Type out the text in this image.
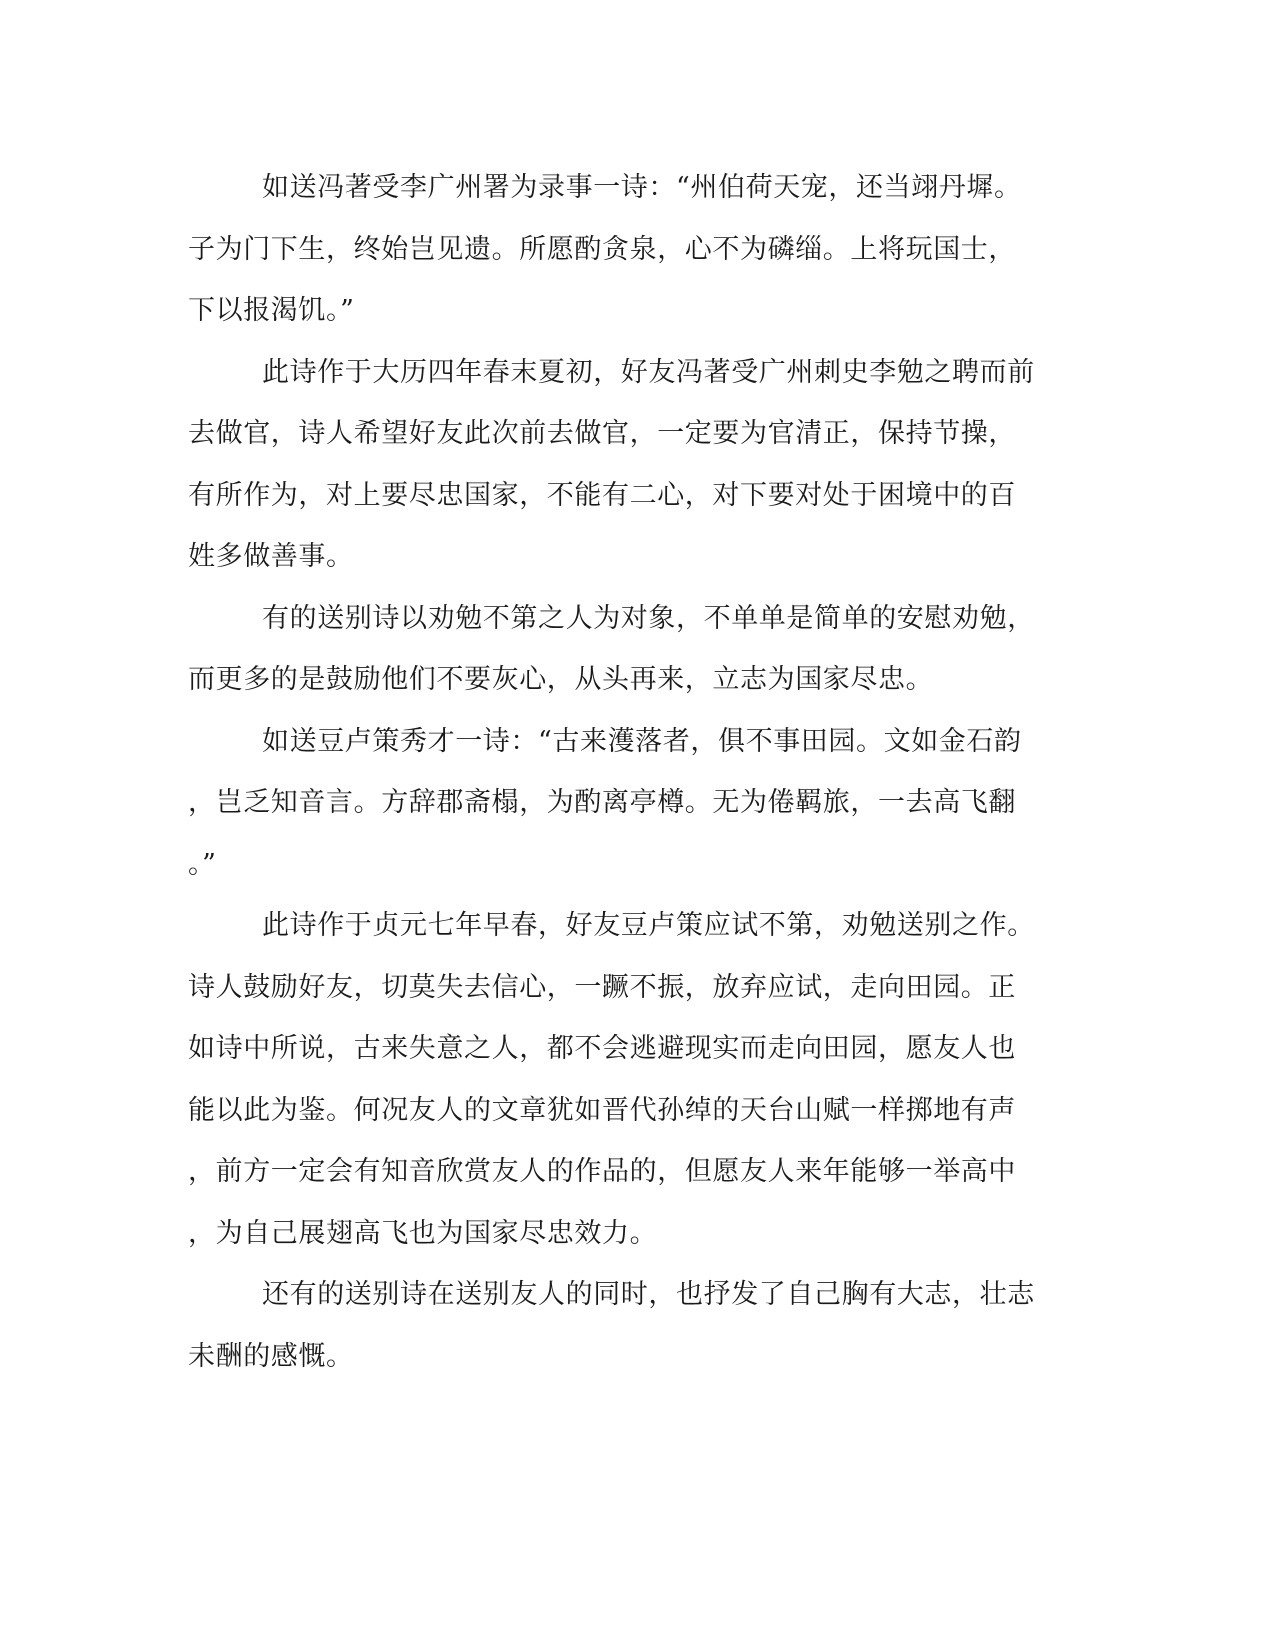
如送冯著受李广州署为录事一诗：“州伯荷天宠，还当翊丹墀。
子为门下生，终始岂见遗。所愿酌贪泉，心不为磷缁。上将玩国士，
下以报渴饥。”
此诗作于大历四年春末夏初，好友冯著受广州刺史李勉之聘而前
去做官，诗人希望好友此次前去做官，一定要为官清正，保持节操，
有所作为，对上要尽忠国家，不能有二心，对下要对处于困境中的百
姓多做善事。
有的送别诗以劝勉不第之人为对象，不单单是简单的安慰劝勉，
而更多的是鼓励他们不要灰心，从头再来，立志为国家尽忠。
如送豆卢策秀才一诗：“古来濩落者，俱不事田园。文如金石韵
，岂乏知音言。方辞郡斋榻，为酌离亭樽。无为倦羁旅，一去高飞翻
。”
此诗作于贞元七年早春，好友豆卢策应试不第，劝勉送别之作。
诗人鼓励好友，切莫失去信心，一蹶不振，放弃应试，走向田园。正
如诗中所说，古来失意之人，都不会逃避现实而走向田园，愿友人也
能以此为鉴。何况友人的文章犹如晋代孙绰的天台山赋一样掷地有声
，前方一定会有知音欣赏友人的作品的，但愿友人来年能够一举高中
，为自己展翅高飞也为国家尽忠效力。
还有的送别诗在送别友人的同时，也抒发了自己胸有大志，壮志
未酬的感慨。
